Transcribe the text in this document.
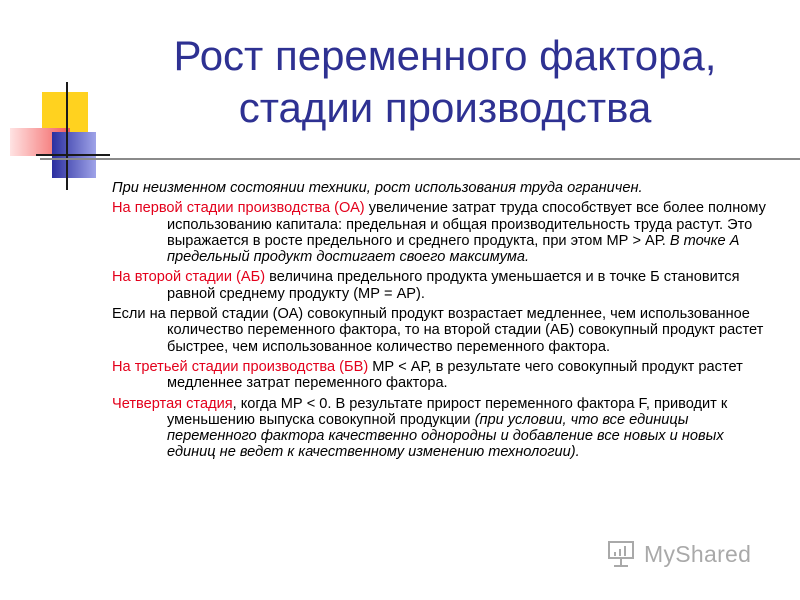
Рост переменного фактора,
стадии производства

При неизменном состоянии техники, рост использования труда ограничен.

На первой стадии производства (ОА) увеличение затрат труда способствует все более полному использованию капитала: предельная и общая производительность труда растут. Это выражается в росте предельного и среднего продукта, при этом МР > АР. В точке А предельный продукт достигает своего максимума.

На второй стадии (АБ) величина предельного продукта уменьшается и в точке Б становится равной среднему продукту (МР = АР).

Если на первой стадии (ОА) совокупный продукт возрастает медленнее, чем использованное количество переменного фактора, то на второй стадии (АБ) совокупный продукт растет быстрее, чем использованное количество переменного фактора.

На третьей стадии производства (БВ) МР < АР, в результате чего совокупный продукт растет медленнее затрат переменного фактора.

Четвертая стадия, когда МР < 0. В результате прирост переменного фактора F, приводит к уменьшению выпуска совокупной продукции (при условии, что все единицы переменного фактора качественно однородны и добавление все новых и новых единиц не ведет к качественному изменению технологии).

MyShared
